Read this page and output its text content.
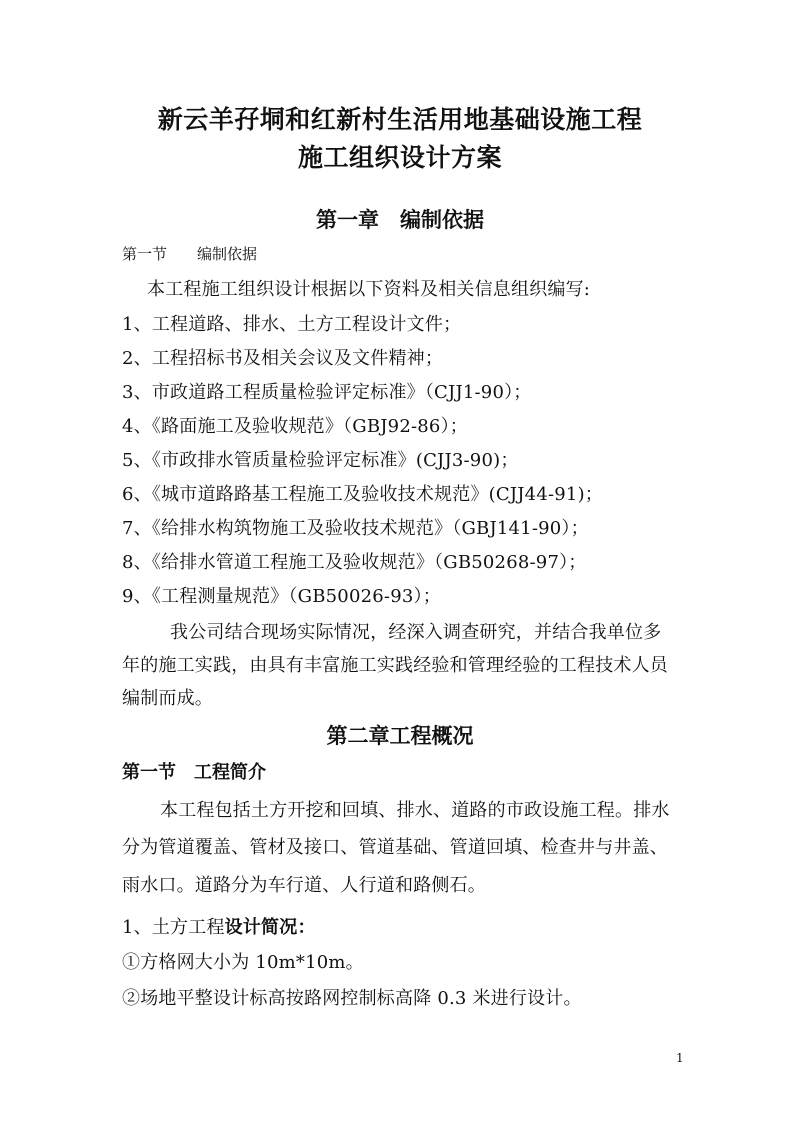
新云羊孖垌和红新村生活用地基础设施工程
施工组织设计方案
第一章　编制依据
第一节　　编制依据
本工程施工组织设计根据以下资料及相关信息组织编写:
1、工程道路、排水、土方工程设计文件；
2、工程招标书及相关会议及文件精神；
3、市政道路工程质量检验评定标准》（CJJ1-90）；
4、《路面施工及验收规范》（GBJ92-86）；
5、《市政排水管质量检验评定标准》(CJJ3-90)；
6、《城市道路路基工程施工及验收技术规范》(CJJ44-91)；
7、《给排水构筑物施工及验收技术规范》（GBJ141-90）；
8、《给排水管道工程施工及验收规范》（GB50268-97）；
9、《工程测量规范》（GB50026-93）；
我公司结合现场实际情况，经深入调查研究，并结合我单位多
年的施工实践，由具有丰富施工实践经验和管理经验的工程技术人员
编制而成。
第二章工程概况
第一节　工程简介
本工程包括土方开挖和回填、排水、道路的市政设施工程。排水
分为管道覆盖、管材及接口、管道基础、管道回填、检查井与井盖、
雨水口。道路分为车行道、人行道和路侧石。
1、土方工程设计简况：
①方格网大小为 10m*10m。
②场地平整设计标高按路网控制标高降 0.3 米进行设计。
1
